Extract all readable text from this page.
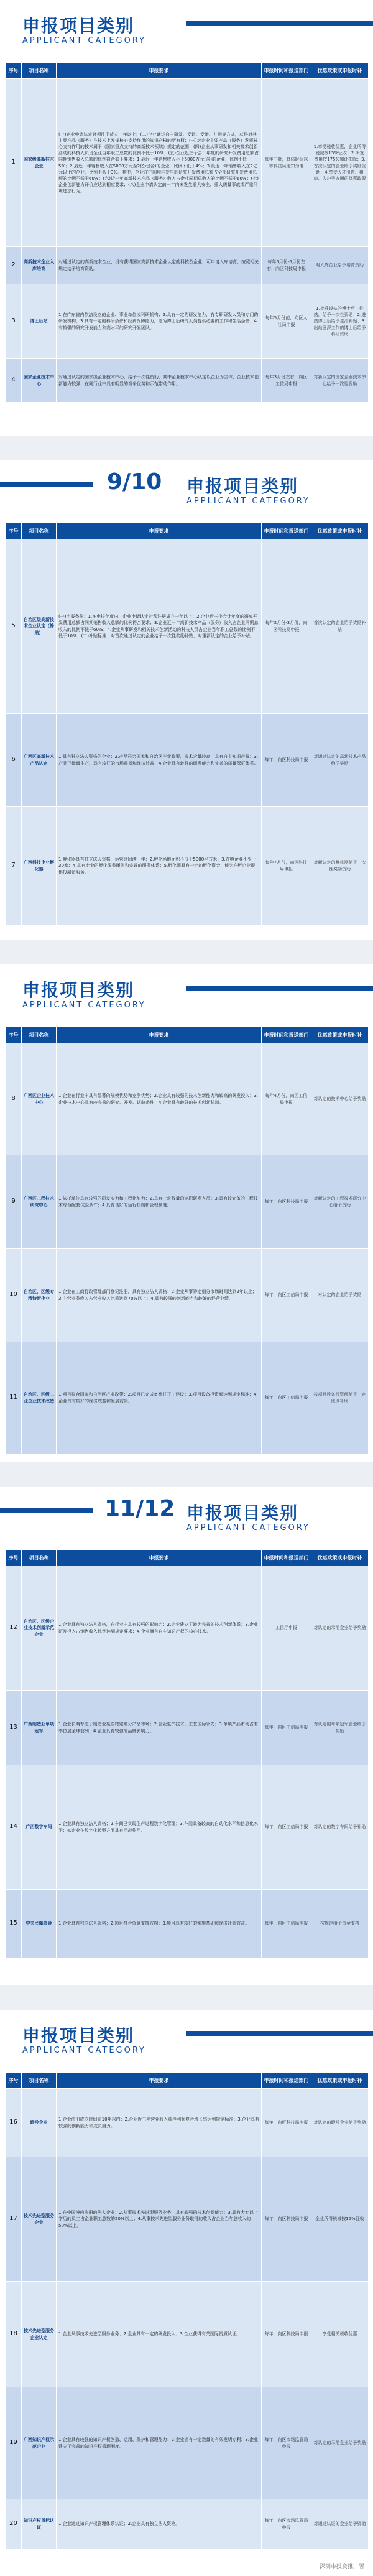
申报项目类别
APPLICANT CATEGORY
序号	项目名称	申报要求	申报时间和报送部门	优惠政策或申报时补
1	国家级高新技术企业	(一)企业申请认定时须注册成立一年以上；(二)企业通过自主研发、受让、受赠、并购等方式，获得对其主要产品（服务）在技术上发挥核心支持作用的知识产权的所有权；(三)对企业主要产品（服务）发挥核心支持作用的技术属于《国家重点支持的高新技术领域》规定的范围；(四)企业从事研发和相关技术创新活动的科技人员占企业当年职工总数的比例不低于10%；(五)企业近三个会计年度的研究开发费用总额占同期销售收入总额的比例符合如下要求：1.最近一年销售收入小于5000万元(含)的企业，比例不低于5%；2.最近一年销售收入在5000万元至2亿元(含)的企业，比例不低于4%；3.最近一年销售收入在2亿元以上的企业，比例不低于3%。其中，企业在中国境内发生的研究开发费用总额占全部研究开发费用总额的比例不低于60%；(六)近一年高新技术产品（服务）收入占企业同期总收入的比例不低于60%；(七)企业创新能力评价应达到相应要求；(八)企业申请认定前一年内未发生重大安全、重大质量事故或严重环境违法行为。	每年三批，具体时间以市科技局通知为准	1.享受税收优惠，企业所得税减按15%征收；2.研发费用按175%加计扣除；3.首次认定的企业给予奖励资助；4.享受人才引进、租房、入户等方面的优惠政策
2	高新技术企业入库培育	对通过认定的高新技术企业、没有获得国家高新技术企业认定的科技型企业，可申请入库培育，按照相关规定给予培育资助。	每年5月份-6月份左右，向区科技局申报	对入库企业给予培育资助
3	博士后站	1.在广东省内依法设立的企业、事业单位或科研机构；2.具有一定的研发能力，有专职研发人员和专门的研发机构；3.具有一定的科研条件和经费保障能力，能为博士后研究人员提供必要的工作和生活条件；4.有较强的研究开发能力和高水平的研究开发团队。	每年5月份前，向区人社局申报	1.批准设站的博士后工作站，给予一次性资助；2.进站博士后给予生活补贴；3.出站留深工作的博士后给予科研资助
4	国家企业技术中心	对通过认定的国家级企业技术中心，给予一次性资助；其中企业技术中心认定以企业为主体，企业技术创新能力较强，在同行业中具有明显的竞争优势和示范带动作用。	每年3月份左右，向区工信局申报	对新认定的国家企业技术中心给予一次性资助
9/10 申报项目类别
APPLICANT CATEGORY
序号	项目名称	申报要求	申报时间和报送部门	优惠政策或申报时补
5	自治区级高新技术企业认定（补贴）	(一)申报条件：1.在申报年度内，企业申请认定时须注册成立一年以上；2.企业近三个会计年度的研究开发费用总额占同期销售收入总额的比例符合要求；3.企业近一年高新技术产品（服务）收入占企业同期总收入的比例不低于60%；4.企业从事研发和相关技术创新活动的科技人员占企业当年职工总数的比例不低于10%；(二)补贴标准：对首次通过认定的企业给予一次性奖励补贴，对重新认定的企业给予补贴。	每年2月份-3月份，向区科技局申报	首次认定的企业给予奖励补贴
6	广西区高新技术产品认定	1.具有独立法人资格的企业；2.产品符合国家和自治区产业政策，技术含量较高，具有自主知识产权；3.产品已批量生产，具有较好的市场前景和经济效益；4.企业具有较强的研发能力和完善的质量保证体系。	每年，向区科技局申报	对通过认定的高新技术产品给予奖励
7	广西科技企业孵化器	1.孵化器具有独立法人资格，运营时间满一年；2.孵化场地面积不低于5000平方米；3.在孵企业不少于30家；4.具有专业的孵化服务团队和完善的服务体系；5.孵化器具有一定的孵化资金，能为在孵企业提供投融资服务。	每年7月份，向区科技局申报	对新认定的孵化器给予一次性奖励资助
申报项目类别
APPLICANT CATEGORY
序号	项目名称	申报要求	申报时间和报送部门	优惠政策或申报时补
8	广西区企业技术中心	1.企业在行业中具有显著的规模优势和竞争优势；2.企业具有较强的技术创新能力和较高的研发投入；3.企业技术中心具有较完善的研究、开发、试验条件；4.企业具有较好的技术创新机制。	每年4月份，向区工信局申报	对认定的技术中心给予奖励
9	广西区工程技术研究中心	1.依托单位具有较强的研发实力和工程化能力；2.具有一定数量的专职研发人员；3.具有较完备的工程技术综合配套试验条件；4.具有良好的运行机制和管理制度。	每年，向区科技局申报	对新认定的工程技术研究中心给予资助
10	自治区、区级专精特新企业	1.企业在工商行政管理部门登记注册，具有独立法人资格；2.企业从事特定细分市场时间达到2年以上；3.主营业务收入占营业收入比重达到70%以上；4.具有较强的创新能力和较好的经营业绩。	每年，向区工信局申报	对认定的企业给予奖励
11	自治区、区级工业企业技术改造	1.项目符合国家和自治区产业政策；2.项目已完成备案并开工建设；3.项目设备投资额达到规定标准；4.企业具有较好的经济效益和发展前景。	每年，向区工信局申报	按项目设备投资额给予一定比例补助
11/12 申报项目类别
APPLICANT CATEGORY
序号	项目名称	申报要求	申报时间和报送部门	优惠政策或申报时补
12	自治区、区级企业技术创新示范企业	1.企业具有独立法人资格，在行业中具有较强的影响力；2.企业建立了较为完善的技术创新体系；3.企业研发投入占销售收入比例达到规定要求；4.企业拥有自主知识产权的核心技术。	工信厅申报	对认定的示范企业给予奖励
13	广西制造业单项冠军	1.企业长期专注于制造业某些特定细分产品市场；2.企业生产技术、工艺国际领先；3.单项产品市场占有率位居全球前列；4.企业具有较强的品牌影响力。	每年，向区工信局申报	对认定的单项冠军企业给予奖励
14	广西数字车间	1.企业具有独立法人资格；2.车间已实现生产过程数字化管理；3.车间具备较高的自动化水平和信息化水平；4.企业在数字化转型方面具有示范作用。	每年，向区工信局申报	对认定的数字车间给予补助
15	中央民爆资金	1.企业具有独立法人资格；2.项目符合资金支持方向；3.项目具有较好的实施基础和经济社会效益。	每年，向区工信局申报	按规定给予资金支持
申报项目类别
APPLICANT CATEGORY
序号	项目名称	申报要求	申报时间和报送部门	优惠政策或申报时补
16	瞪羚企业	1.企业注册成立时间在10年以内；2.企业近三年营业收入或净利润复合增长率达到规定标准；3.企业具有较强的创新能力和成长潜力。	每年，向区科技局申报	对认定的瞪羚企业给予奖励
17	技术先进型服务企业	1.在中国境内注册的法人企业；2.从事技术先进型服务业务，具有较强的技术创新能力；3.具有大专以上学历的员工占企业职工总数的50%以上；4.从事技术先进型服务业务取得的收入占企业当年总收入的50%以上。	每年，向区科技局申报	企业所得税减按15%征收
18	技术先进型服务企业认定	1.企业从事技术先进型服务业务；2.企业具有一定的研发投入；3.企业获得有关国际资质认证。	每年，向区科技局申报	享受相关税收优惠
19	广西知识产权示范企业	1.企业具有较强的知识产权创造、运用、保护和管理能力；2.企业拥有一定数量的有效发明专利；3.企业建立了完善的知识产权管理制度。	每年，向区市场监管局申报	对认定的示范企业给予奖励
20	知识产权贯标认证	1.企业通过知识产权管理体系认证；2.企业具有独立法人资格。	每年，向区市场监管局申报	对通过认证的企业给予资助
深圳市投资推广署
